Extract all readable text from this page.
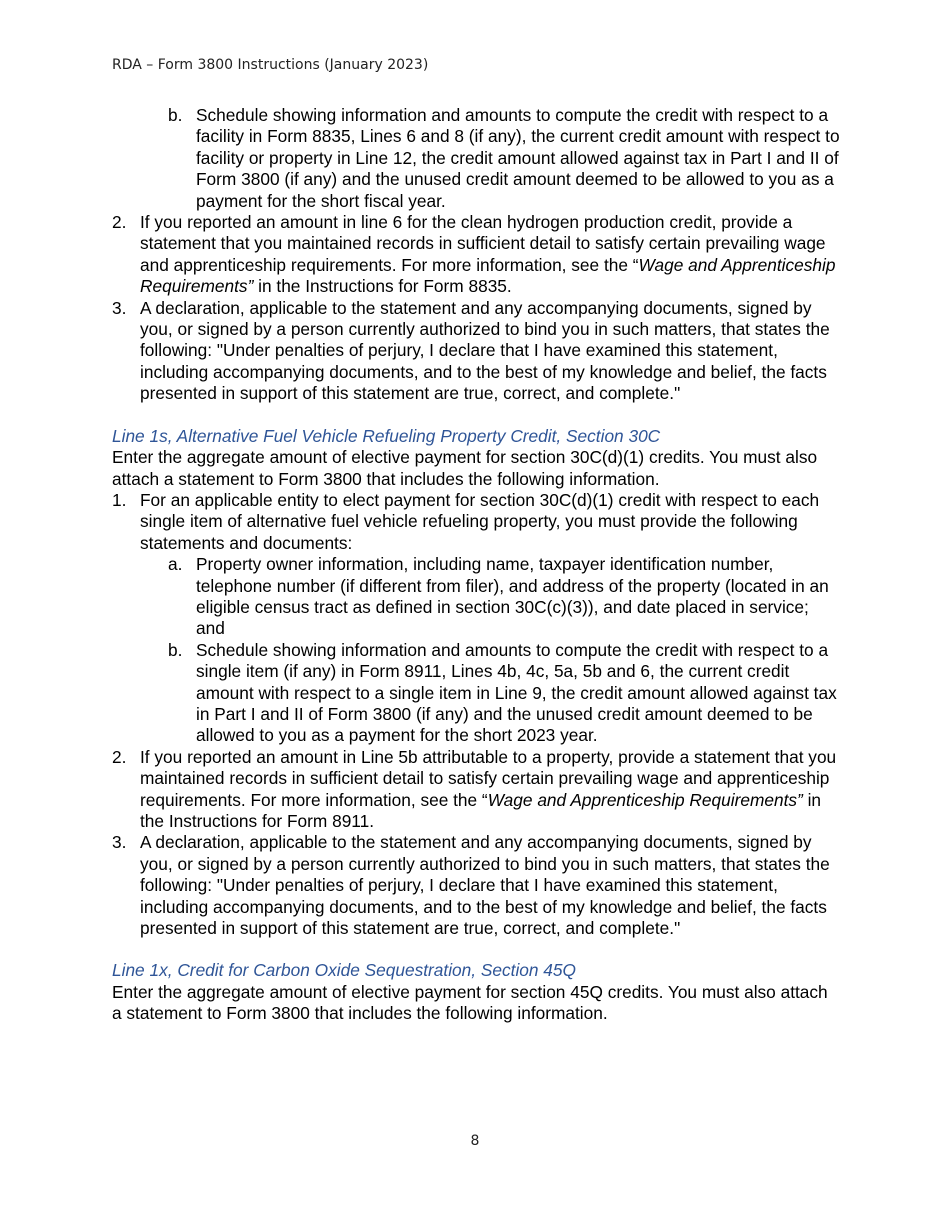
RDA – Form 3800 Instructions (January 2023)
b. Schedule showing information and amounts to compute the credit with respect to a facility in Form 8835, Lines 6 and 8 (if any), the current credit amount with respect to facility or property in Line 12, the credit amount allowed against tax in Part I and II of Form 3800 (if any) and the unused credit amount deemed to be allowed to you as a payment for the short fiscal year.
2. If you reported an amount in line 6 for the clean hydrogen production credit, provide a statement that you maintained records in sufficient detail to satisfy certain prevailing wage and apprenticeship requirements. For more information, see the “Wage and Apprenticeship Requirements” in the Instructions for Form 8835.
3. A declaration, applicable to the statement and any accompanying documents, signed by you, or signed by a person currently authorized to bind you in such matters, that states the following: "Under penalties of perjury, I declare that I have examined this statement, including accompanying documents, and to the best of my knowledge and belief, the facts presented in support of this statement are true, correct, and complete."
Line 1s, Alternative Fuel Vehicle Refueling Property Credit, Section 30C
Enter the aggregate amount of elective payment for section 30C(d)(1) credits. You must also attach a statement to Form 3800 that includes the following information.
1. For an applicable entity to elect payment for section 30C(d)(1) credit with respect to each single item of alternative fuel vehicle refueling property, you must provide the following statements and documents:
a. Property owner information, including name, taxpayer identification number, telephone number (if different from filer), and address of the property (located in an eligible census tract as defined in section 30C(c)(3)), and date placed in service; and
b. Schedule showing information and amounts to compute the credit with respect to a single item (if any) in Form 8911, Lines 4b, 4c, 5a, 5b and 6, the current credit amount with respect to a single item in Line 9, the credit amount allowed against tax in Part I and II of Form 3800 (if any) and the unused credit amount deemed to be allowed to you as a payment for the short 2023 year.
2. If you reported an amount in Line 5b attributable to a property, provide a statement that you maintained records in sufficient detail to satisfy certain prevailing wage and apprenticeship requirements. For more information, see the “Wage and Apprenticeship Requirements” in the Instructions for Form 8911.
3. A declaration, applicable to the statement and any accompanying documents, signed by you, or signed by a person currently authorized to bind you in such matters, that states the following: "Under penalties of perjury, I declare that I have examined this statement, including accompanying documents, and to the best of my knowledge and belief, the facts presented in support of this statement are true, correct, and complete."
Line 1x, Credit for Carbon Oxide Sequestration, Section 45Q
Enter the aggregate amount of elective payment for section 45Q credits. You must also attach a statement to Form 3800 that includes the following information.
8
